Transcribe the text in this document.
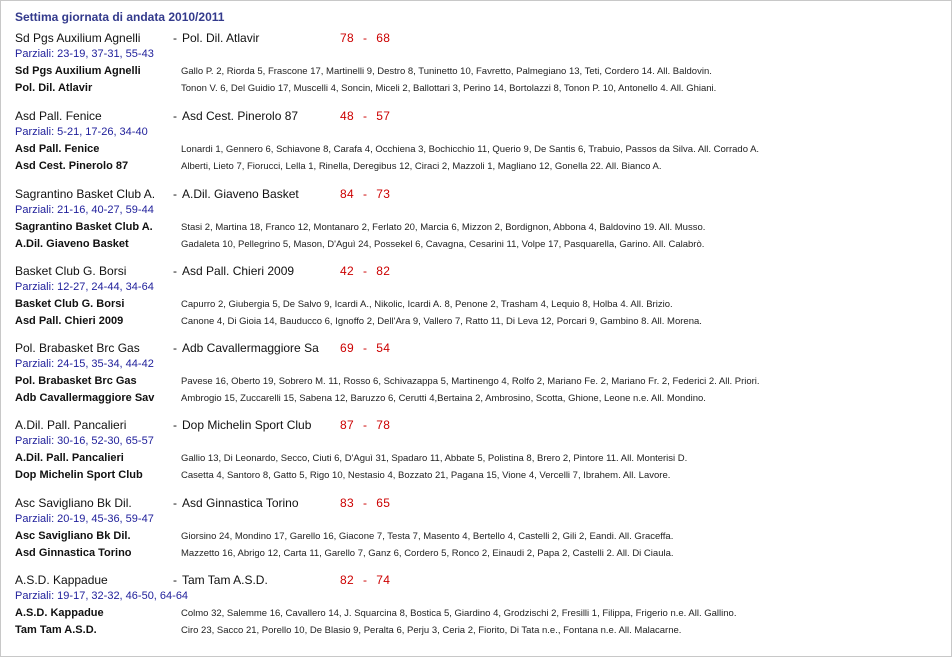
Settima giornata di andata 2010/2011
Sd Pgs Auxilium Agnelli	- Pol. Dil. Atlavir	78 - 68
Parziali: 23-19, 37-31, 55-43
Sd Pgs Auxilium Agnelli	Gallo P. 2, Riorda 5, Frascone 17, Martinelli 9, Destro 8, Tuninetto 10, Favretto, Palmegiano 13, Teti, Cordero 14. All. Baldovin.
Pol. Dil. Atlavir	Tonon V. 6, Del Guidio 17, Muscelli 4, Soncin, Miceli 2, Ballottari 3, Perino 14, Bortolazzi 8, Tonon P. 10, Antonello 4. All. Ghiani.
Asd Pall. Fenice	- Asd Cest. Pinerolo 87	48 - 57
Parziali: 5-21, 17-26, 34-40
Asd Pall. Fenice	Lonardi 1, Gennero 6, Schiavone 8, Carafa 4, Occhiena 3, Bochicchio 11, Querio 9, De Santis 6, Trabuio, Passos da Silva. All. Corrado A.
Asd Cest. Pinerolo 87	Alberti, Lieto 7, Fiorucci, Lella 1, Rinella, Deregibus 12, Ciraci 2, Mazzoli 1, Magliano 12, Gonella 22. All. Bianco A.
Sagrantino Basket Club A.	- A.Dil. Giaveno Basket	84 - 73
Parziali: 21-16, 40-27, 59-44
Sagrantino Basket Club A.	Stasi 2, Martina 18, Franco 12, Montanaro 2, Ferlato 20, Marcia 6, Mizzon 2, Bordignon, Abbona 4, Baldovino 19. All. Musso.
A.Dil. Giaveno Basket	Gadaleta 10, Pellegrino 5, Mason, D'Aguì 24, Possekel 6, Cavagna, Cesarini 11, Volpe 17, Pasquarella, Garino. All. Calabrò.
Basket Club G. Borsi	- Asd Pall. Chieri 2009	42 - 82
Parziali: 12-27, 24-44, 34-64
Basket Club G. Borsi	Capurro 2, Giubergia 5, De Salvo 9, Icardi A., Nikolic, Icardi A. 8, Penone 2, Trasham 4, Lequio 8, Holba 4. All. Brizio.
Asd Pall. Chieri 2009	Canone 4, Di Gioia 14, Bauducco 6, Ignoffo 2, Dell'Ara 9, Vallero 7, Ratto 11, Di Leva 12, Porcari 9, Gambino 8. All. Morena.
Pol. Brabasket Brc Gas	- Adb Cavallermaggiore Sa 69 - 54
Parziali: 24-15, 35-34, 44-42
Pol. Brabasket Brc Gas	Pavese 16, Oberto 19, Sobrero M. 11, Rosso 6, Schivazappa 5, Martinengo 4, Rolfo 2, Mariano Fe. 2, Mariano Fr. 2, Federici 2. All. Priori.
Adb Cavallermaggiore Sav	Ambrogio 15, Zuccarelli 15, Sabena 12, Baruzzo 6, Cerutti 4,Bertaina 2, Ambrosino, Scotta, Ghione, Leone n.e. All. Mondino.
A.Dil. Pall. Pancalieri	- Dop Michelin Sport Club 87 - 78
Parziali: 30-16, 52-30, 65-57
A.Dil. Pall. Pancalieri	Gallio 13, Di Leonardo, Secco, Ciuti 6, D'Aguì 31, Spadaro 11, Abbate 5, Polistina 8, Brero 2, Pintore 11. All. Monterisi D.
Dop Michelin Sport Club	Casetta 4, Santoro 8, Gatto 5, Rigo 10, Nestasio 4, Bozzato 21, Pagana 15, Vione 4, Vercelli 7, Ibrahem. All. Lavore.
Asc Savigliano Bk Dil.	- Asd Ginnastica Torino	83 - 65
Parziali: 20-19, 45-36, 59-47
Asc Savigliano Bk Dil.	Giorsino 24, Mondino 17, Garello 16, Giacone 7, Testa 7, Masento 4, Bertello 4, Castelli 2, Gili 2, Eandi. All. Graceffa.
Asd Ginnastica Torino	Mazzetto 16, Abrigo 12, Carta 11, Garello 7, Ganz 6, Cordero 5, Ronco 2, Einaudi 2, Papa 2, Castelli 2. All. Di Ciaula.
A.S.D. Kappadue	- Tam Tam A.S.D.	82 - 74
Parziali: 19-17, 32-32, 46-50, 64-64
A.S.D. Kappadue	Colmo 32, Salemme 16, Cavallero 14, J. Squarcina 8, Bostica 5, Giardino 4, Grodzischi 2, Fresilli 1, Filippa, Frigerio n.e. All. Gallino.
Tam Tam A.S.D.	Ciro 23, Sacco 21, Porello 10, De Blasio 9, Peralta 6, Perju 3, Ceria 2, Fiorito, Di Tata n.e., Fontana n.e. All. Malacarne.
